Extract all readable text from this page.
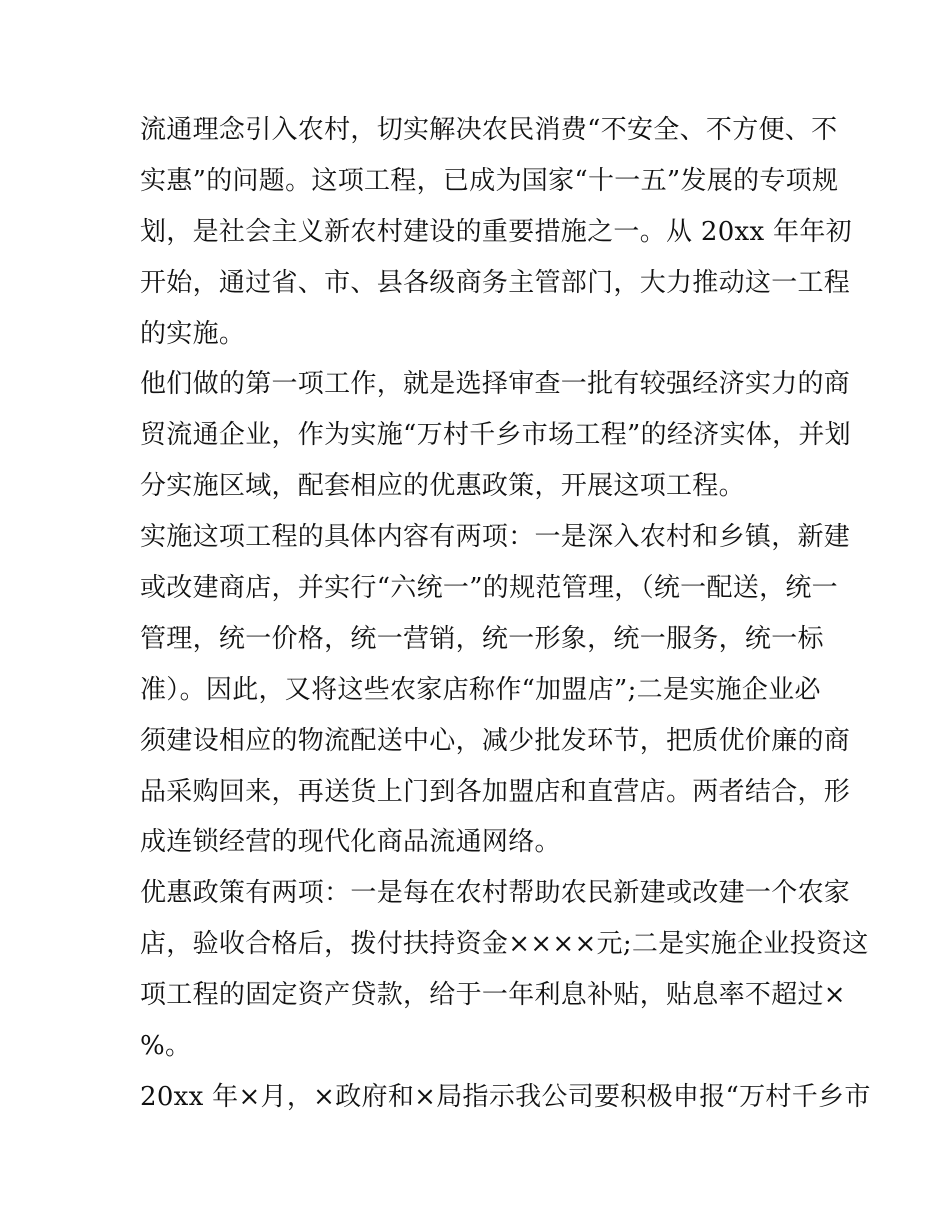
流通理念引入农村，切实解决农民消费“不安全、不方便、不
实惠”的问题。这项工程，已成为国家“十一五”发展的专项规
划，是社会主义新农村建设的重要措施之一。从 20xx 年年初
开始，通过省、市、县各级商务主管部门，大力推动这一工程
的实施。
他们做的第一项工作，就是选择审查一批有较强经济实力的商
贸流通企业，作为实施“万村千乡市场工程”的经济实体，并划
分实施区域，配套相应的优惠政策，开展这项工程。
实施这项工程的具体内容有两项：一是深入农村和乡镇，新建
或改建商店，并实行“六统一”的规范管理，（统一配送，统一
管理，统一价格，统一营销，统一形象，统一服务，统一标
准）。因此，又将这些农家店称作“加盟店”;二是实施企业必
须建设相应的物流配送中心，减少批发环节，把质优价廉的商
品采购回来，再送货上门到各加盟店和直营店。两者结合，形
成连锁经营的现代化商品流通网络。
优惠政策有两项：一是每在农村帮助农民新建或改建一个农家
店，验收合格后，拨付扶持资金××××元;二是实施企业投资这
项工程的固定资产贷款，给于一年利息补贴，贴息率不超过×
%。
20xx 年×月，×政府和×局指示我公司要积极申报“万村千乡市
